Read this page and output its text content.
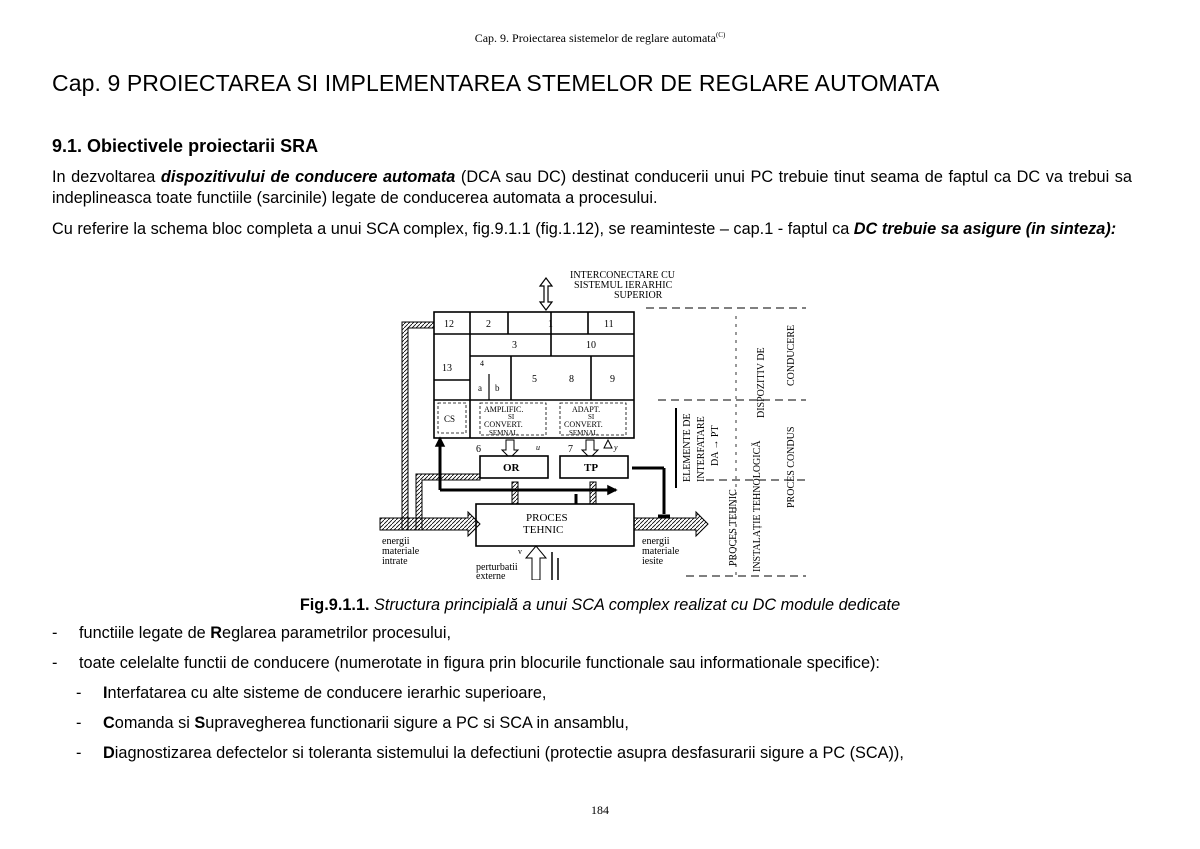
Cap. 9. Proiectarea sistemelor de reglare automata$^{(C)}$
Cap. 9 PROIECTAREA SI IMPLEMENTAREA STEMELOR DE REGLARE AUTOMATA
9.1. Obiectivele proiectarii SRA

In dezvoltarea dispozitivului de conducere automata (DCA sau DC) destinat conducerii unui PC trebuie tinut seama de faptul ca DC va trebui sa indeplineasca toate functiile (sarcinile) legate de conducerea automata a procesului.

Cu referire la schema bloc completa a unui SCA complex, fig.9.1.1 (fig.1.12), se reaminteste – cap.1 - faptul ca DC trebuie sa asigure (in sinteza):

INTERCONECTARE CU
SISTEMUL IERARHIC
SUPERIOR
12	2	1	11
3	10
13	4
a b
5	8	9
CS
AMPLIFIC.
SI
CONVERT.
SEMNAL
ADAPT.
SI
CONVERT.
SEMNAL
6	u	7	y
OR	TP
PROCES
TEHNIC
energii
materiale
intrate
v
perturbatii
externe
energii
materiale
iesite
DISPOZITIV DE CONDUCERE
ELEMENTE DE INTERFATARE DA → PT	PROCES CONDUS
INSTALAȚIE TEHNOLOGICĂ
PROCES TEHNIC
Fig.9.1.1. Structura principială a unui SCA complex realizat cu DC module dedicate
- functiile legate de Reglarea parametrilor procesului,
- toate celelalte functii de conducere (numerotate in figura prin blocurile functionale sau informationale specifice):
- Interfatarea cu alte sisteme de conducere ierarhic superioare,
- Comanda si Supravegherea functionarii sigure a PC si SCA in ansamblu,
- Diagnostizarea defectelor si toleranta sistemului la defectiuni (protectie asupra desfasurarii sigure a PC (SCA)),
184
